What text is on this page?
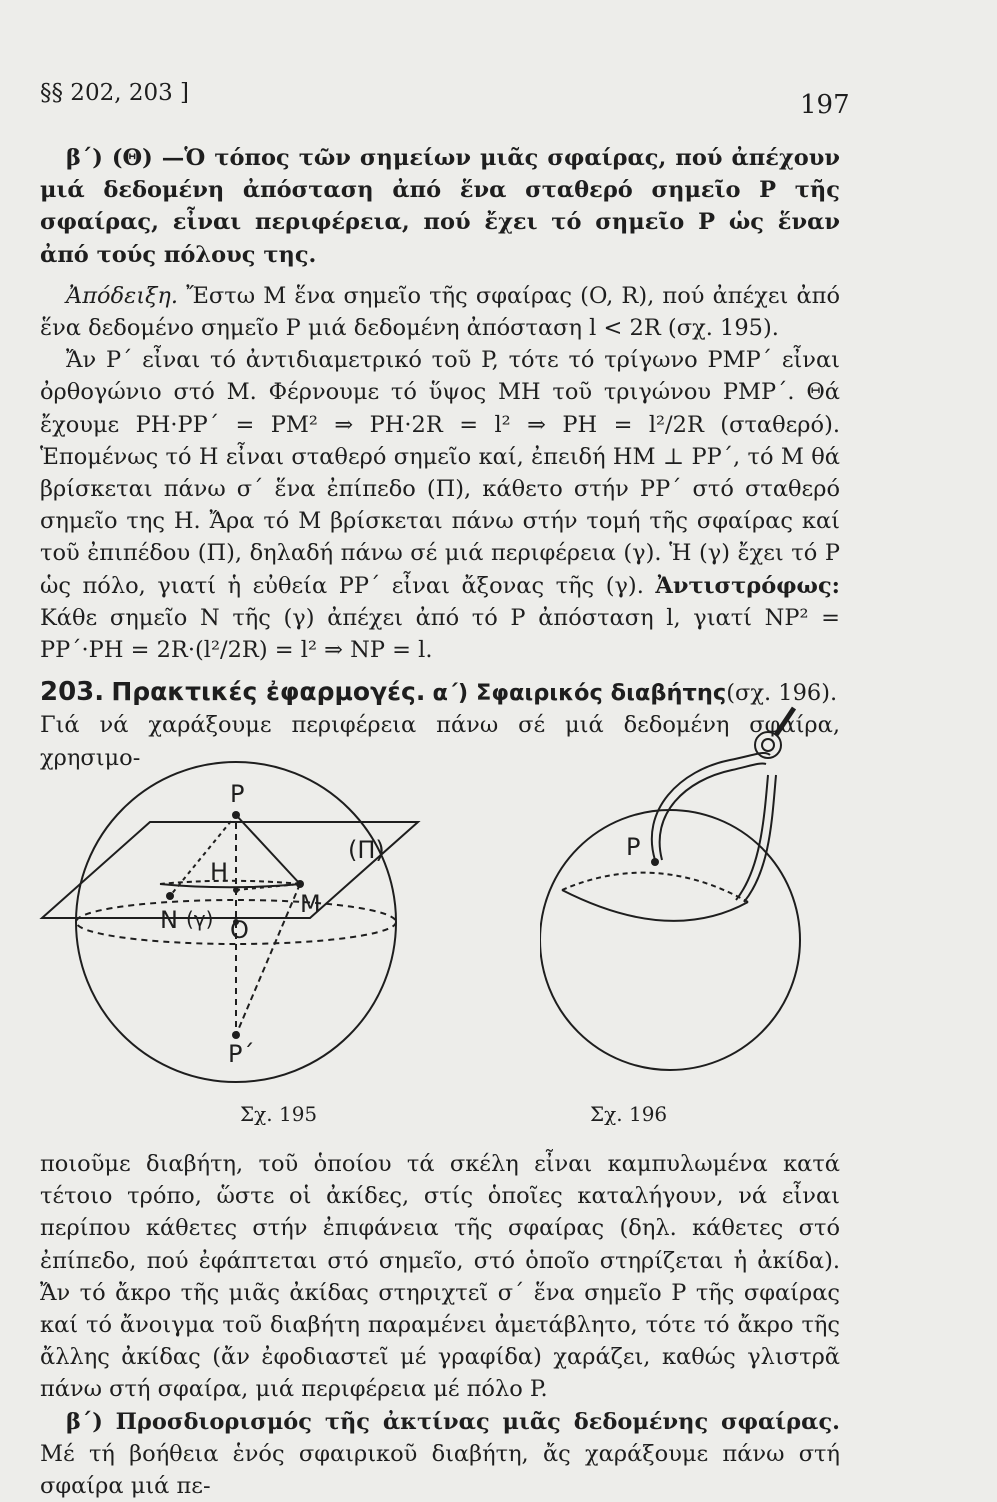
§§ 202, 203 ]	197

β΄) (Θ) —Ὁ τόπος τῶν σημείων μιᾶς σφαίρας, πού ἀπέχουν μιά δεδομένη ἀπόσταση ἀπό ἕνα σταθερό σημεῖο P τῆς σφαίρας, εἶναι περιφέρεια, πού ἔχει τό σημεῖο P ὡς ἕναν ἀπό τούς πόλους της.

Ἀπόδειξη. Ἔστω M ἕνα σημεῖο τῆς σφαίρας (O, R), πού ἀπέχει ἀπό ἕνα δεδομένο σημεῖο P μιά δεδομένη ἀπόσταση l < 2R (σχ. 195).

Ἄν P΄ εἶναι τό ἀντιδιαμετρικό τοῦ P, τότε τό τρίγωνο PMP΄ εἶναι ὀρθογώνιο στό M. Φέρνουμε τό ὕψος MH τοῦ τριγώνου PMP΄. Θά ἔχουμε PH·PP΄ = PM² ⇒ PH·2R = l² ⇒ PH = l²/2R (σταθερό). Ἑπομένως τό H εἶναι σταθερό σημεῖο καί, ἐπειδή HM ⊥ PP΄, τό M θά βρίσκεται πάνω σ΄ ἕνα ἐπίπεδο (Π), κάθετο στήν PP΄ στό σταθερό σημεῖο της H. Ἄρα τό M βρίσκεται πάνω στήν τομή τῆς σφαίρας καί τοῦ ἐπιπέδου (Π), δηλαδή πάνω σέ μιά περιφέρεια (γ). Ἡ (γ) ἔχει τό P ὡς πόλο, γιατί ἡ εὐθεία PP΄ εἶναι ἄξονας τῆς (γ). Ἀντιστρόφως: Κάθε σημεῖο N τῆς (γ) ἀπέχει ἀπό τό P ἀπόσταση l, γιατί NP² = PP΄·PH = 2R·(l²/2R) = l² ⇒ NP = l.

203. Πρακτικές ἐφαρμογές. α΄) Σφαιρικός διαβήτης(σχ. 196).

Γιά νά χαράξουμε περιφέρεια πάνω σέ μιά δεδομένη σφαίρα, χρησιμο-

P
H
(Π)
M
N (γ) O
P΄
P
Σχ. 195	Σχ. 196

ποιοῦμε διαβήτη, τοῦ ὁποίου τά σκέλη εἶναι καμπυλωμένα κατά τέτοιο τρόπο, ὥστε οἱ ἀκίδες, στίς ὁποῖες καταλήγουν, νά εἶναι περίπου κάθετες στήν ἐπιφάνεια τῆς σφαίρας (δηλ. κάθετες στό ἐπίπεδο, πού ἐφάπτεται στό σημεῖο, στό ὁποῖο στηρίζεται ἡ ἀκίδα). Ἄν τό ἄκρο τῆς μιᾶς ἀκίδας στηριχτεῖ σ΄ ἕνα σημεῖο P τῆς σφαίρας καί τό ἄνοιγμα τοῦ διαβήτη παραμένει ἀμετάβλητο, τότε τό ἄκρο τῆς ἄλλης ἀκίδας (ἄν ἐφοδιαστεῖ μέ γραφίδα) χαράζει, καθώς γλιστρᾶ πάνω στή σφαίρα, μιά περιφέρεια μέ πόλο P.

β΄) Προσδιορισμός τῆς ἀκτίνας μιᾶς δεδομένης σφαίρας. Μέ τή βοήθεια ἑνός σφαιρικοῦ διαβήτη, ἄς χαράξουμε πάνω στή σφαίρα μιά πε-
